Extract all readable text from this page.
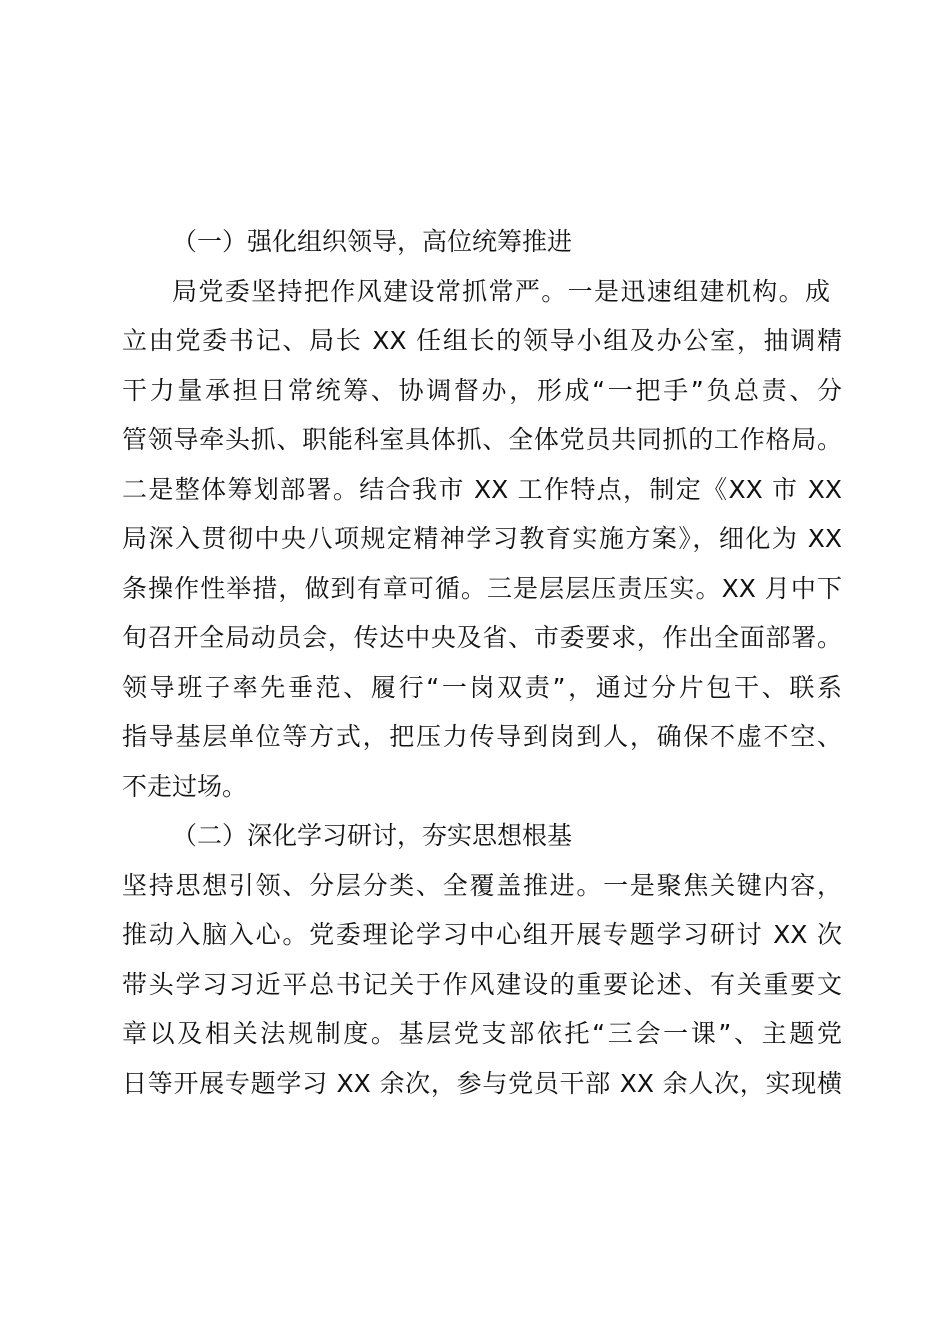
（一）强化组织领导，高位统筹推进
局党委坚持把作风建设常抓常严。一是迅速组建机构。成
立由党委书记、局长 XX 任组长的领导小组及办公室，抽调精
干力量承担日常统筹、协调督办，形成“一把手”负总责、分
管领导牵头抓、职能科室具体抓、全体党员共同抓的工作格局。
二是整体筹划部署。结合我市 XX 工作特点，制定《XX 市 XX
局深入贯彻中央八项规定精神学习教育实施方案》，细化为 XX
条操作性举措，做到有章可循。三是层层压责压实。XX 月中下
旬召开全局动员会，传达中央及省、市委要求，作出全面部署。
领导班子率先垂范、履行“一岗双责”，通过分片包干、联系
指导基层单位等方式，把压力传导到岗到人，确保不虚不空、
不走过场。
（二）深化学习研讨，夯实思想根基
坚持思想引领、分层分类、全覆盖推进。一是聚焦关键内容，
推动入脑入心。党委理论学习中心组开展专题学习研讨 XX 次
带头学习习近平总书记关于作风建设的重要论述、有关重要文
章以及相关法规制度。基层党支部依托“三会一课”、主题党
日等开展专题学习 XX 余次，参与党员干部 XX 余人次，实现横
